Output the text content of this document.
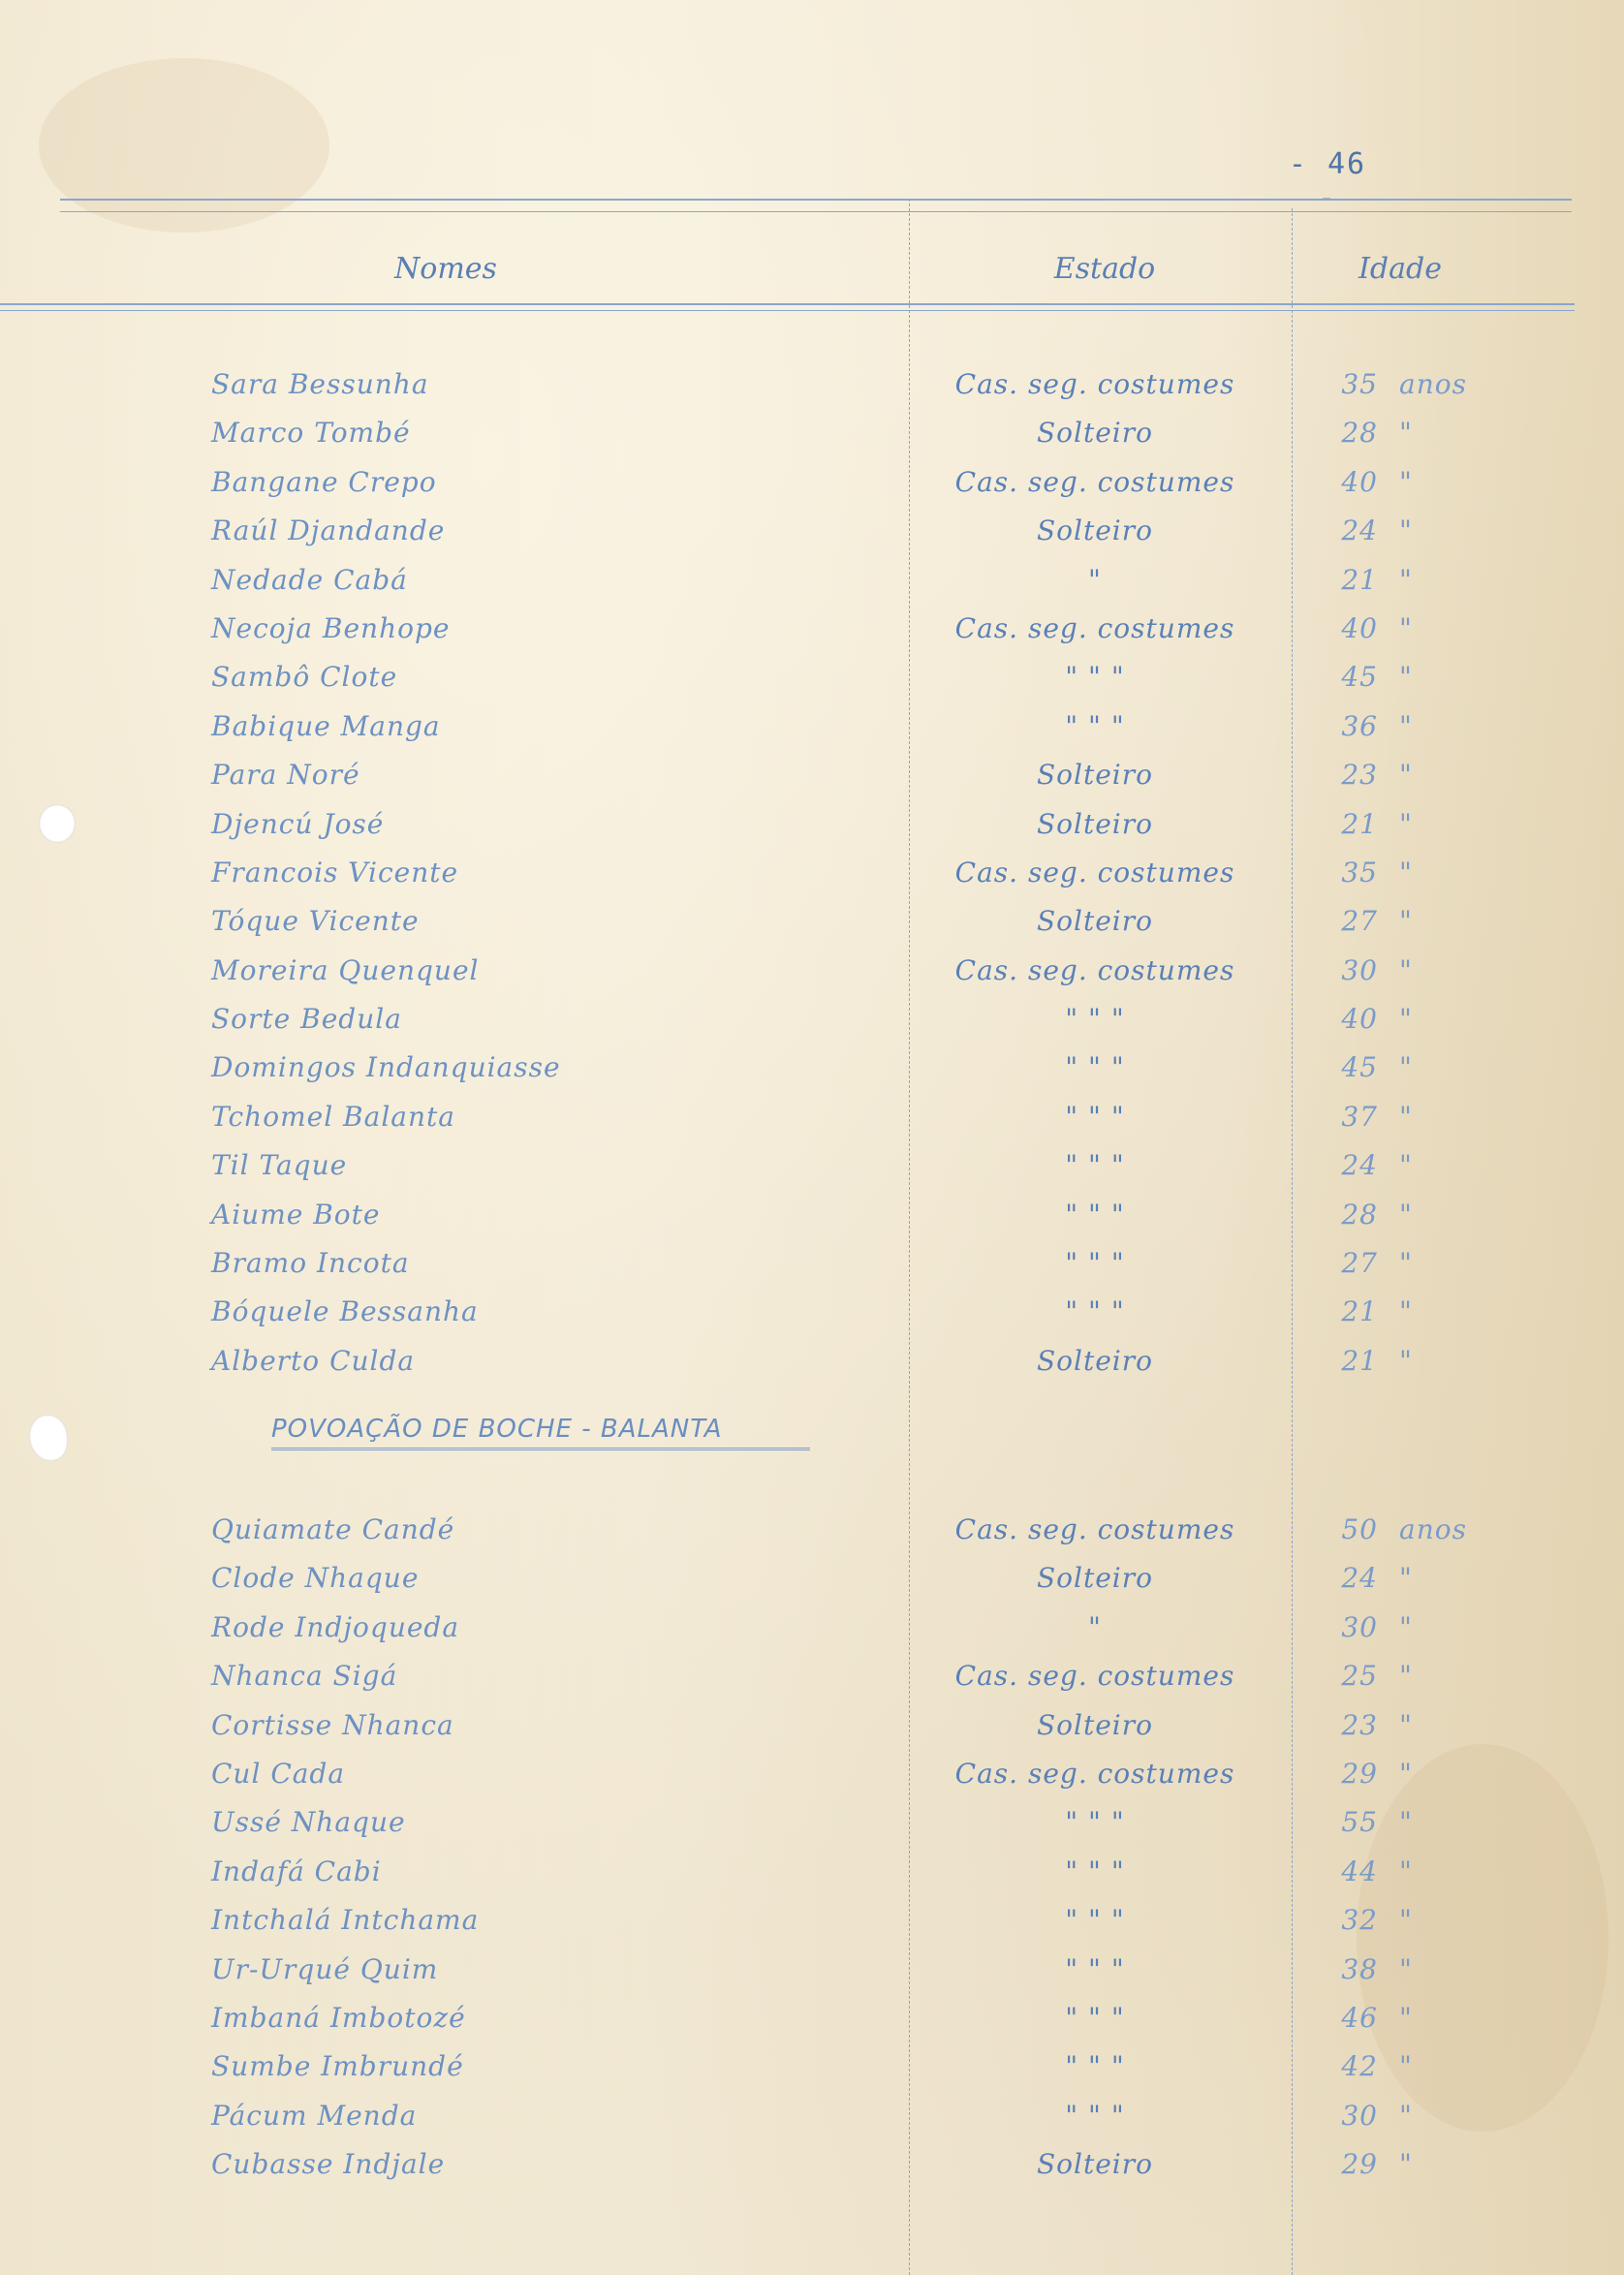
- 46 -
Nomes	Estado	Idade
Sara Bessunha	Cas. seg. costumes	35 anos
Marco Tombé	Solteiro	28 "
Bangane Crepo	Cas. seg. costumes	40 "
Raúl Djandande	Solteiro	24 "
Nedade Cabá	"	21 "
Necoja Benhope	Cas. seg. costumes	40 "
Sambô Clote	" " "	45 "
Babique Manga	" " "	36 "
Para Noré	Solteiro	23 "
Djencú José	Solteiro	21 "
Francois Vicente	Cas. seg. costumes	35 "
Tóque Vicente	Solteiro	27 "
Moreira Quenquel	Cas. seg. costumes	30 "
Sorte Bedula	" " "	40 "
Domingos Indanquiasse	" " "	45 "
Tchomel Balanta	" " "	37 "
Til Taque	" " "	24 "
Aiume Bote	" " "	28 "
Bramo Incota	" " "	27 "
Bóquele Bessanha	" " "	21 "
Alberto Culda	Solteiro	21 "
POVOAÇÃO DE BOCHE - BALANTA
Quiamate Candé	Cas. seg. costumes	50 anos
Clode Nhaque	Solteiro	24 "
Rode Indjoqueda	"	30 "
Nhanca Sigá	Cas. seg. costumes	25 "
Cortisse Nhanca	Solteiro	23 "
Cul Cada	Cas. seg. costumes	29 "
Ussé Nhaque	" " "	55 "
Indafá Cabi	" " "	44 "
Intchalá Intchama	" " "	32 "
Ur-Urqué Quim	" " "	38 "
Imbaná Imbotozé	" " "	46 "
Sumbe Imbrundé	" " "	42 "
Pácum Menda	" " "	30 "
Cubasse Indjale	Solteiro	29 "
